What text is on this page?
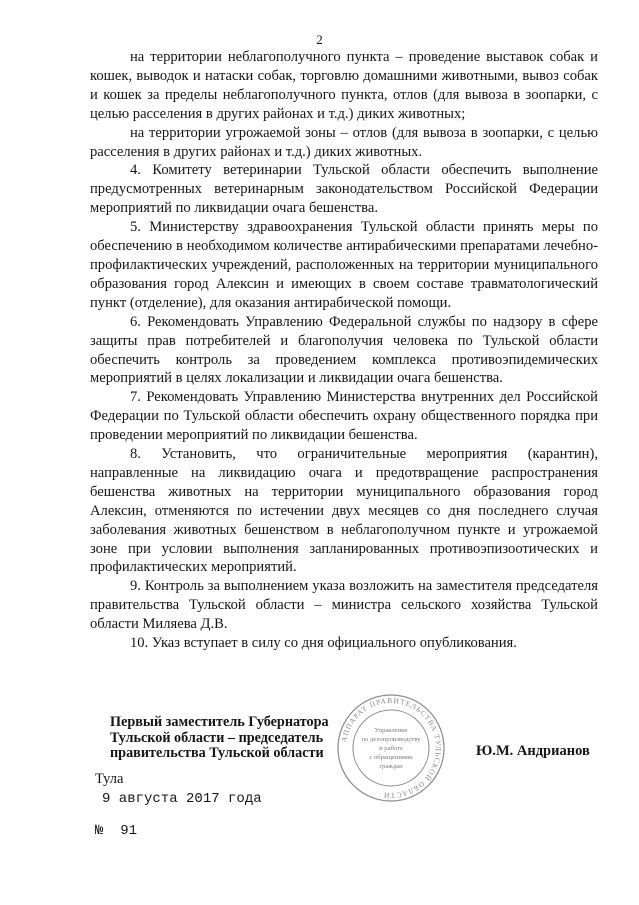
2

на территории неблагополучного пункта – проведение выставок собак и кошек, выводок и натаски собак, торговлю домашними животными, вывоз собак и кошек за пределы неблагополучного пункта, отлов (для вывоза в зоопарки, с целью расселения в других районах и т.д.) диких животных;

на территории угрожаемой зоны – отлов (для вывоза в зоопарки, с целью расселения в других районах и т.д.) диких животных.

4. Комитету ветеринарии Тульской области обеспечить выполнение предусмотренных ветеринарным законодательством Российской Федерации мероприятий по ликвидации очага бешенства.

5. Министерству здравоохранения Тульской области принять меры по обеспечению в необходимом количестве антирабическими препаратами лечебно-профилактических учреждений, расположенных на территории муниципального образования город Алексин и имеющих в своем составе травматологический пункт (отделение), для оказания антирабической помощи.

6. Рекомендовать Управлению Федеральной службы по надзору в сфере защиты прав потребителей и благополучия человека по Тульской области обеспечить контроль за проведением комплекса противоэпидемических мероприятий в целях локализации и ликвидации очага бешенства.

7. Рекомендовать Управлению Министерства внутренних дел Российской Федерации по Тульской области обеспечить охрану общественного порядка при проведении мероприятий по ликвидации бешенства.

8. Установить, что ограничительные мероприятия (карантин), направленные на ликвидацию очага и предотвращение распространения бешенства животных на территории муниципального образования город Алексин, отменяются по истечении двух месяцев со дня последнего случая заболевания животных бешенством в неблагополучном пункте и угрожаемой зоне при условии выполнения запланированных противоэпизоотических и профилактических мероприятий.

9. Контроль за выполнением указа возложить на заместителя председателя правительства Тульской области – министра сельского хозяйства Тульской области Миляева Д.В.

10. Указ вступает в силу со дня официального опубликования.

Первый заместитель Губернатора
Тульской области – председатель
правительства Тульской области
АППАРАТ ПРАВИТЕЛЬСТВА ТУЛЬСКОЙ ОБЛАСТИ
Управление
по делопроизводству
и работе
с обращениями
граждан
Ю.М. Андрианов
Тула
9 августа 2017 года
№  91
